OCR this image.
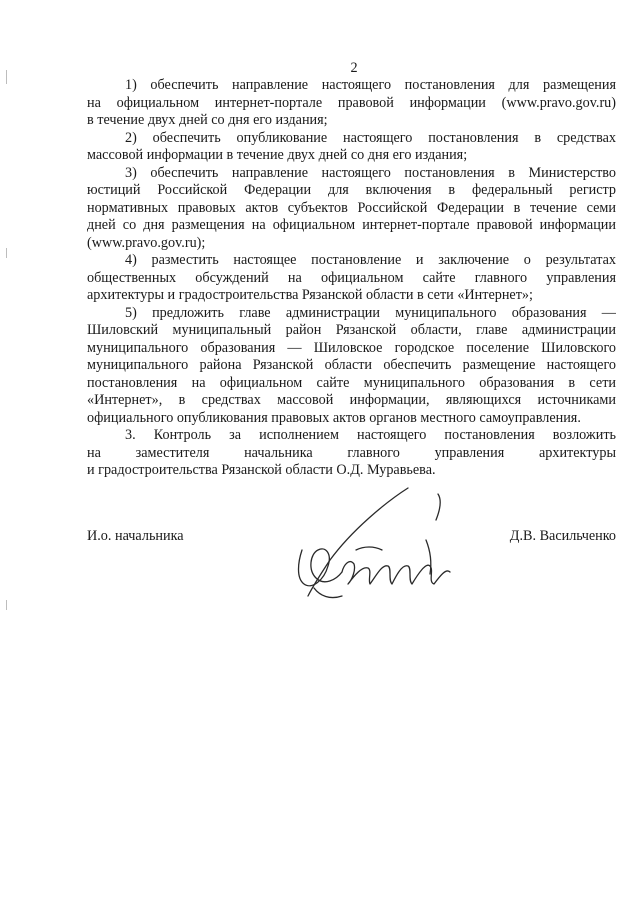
2
1) обеспечить направление настоящего постановления для размещения
на официальном интернет-портале правовой информации (www.pravo.gov.ru)
в течение двух дней со дня его издания;
2) обеспечить опубликование настоящего постановления в средствах
массовой информации в течение двух дней со дня его издания;
3) обеспечить направление настоящего постановления в Министерство
юстиций Российской Федерации для включения в федеральный регистр
нормативных правовых актов субъектов Российской Федерации в течение семи
дней со дня размещения на официальном интернет-портале правовой информации
(www.pravo.gov.ru);
4) разместить настоящее постановление и заключение о результатах
общественных обсуждений на официальном сайте главного управления
архитектуры и градостроительства Рязанской области в сети «Интернет»;
5) предложить главе администрации муниципального образования —
Шиловский муниципальный район Рязанской области, главе администрации
муниципального образования — Шиловское городское поселение Шиловского
муниципального района Рязанской области обеспечить размещение настоящего
постановления на официальном сайте муниципального образования в сети
«Интернет», в средствах массовой информации, являющихся источниками
официального опубликования правовых актов органов местного самоуправления.
3. Контроль за исполнением настоящего постановления возложить
на заместителя начальника главного управления архитектуры
и градостроительства Рязанской области О.Д. Муравьева.
И.о. начальника	Д.В. Васильченко
